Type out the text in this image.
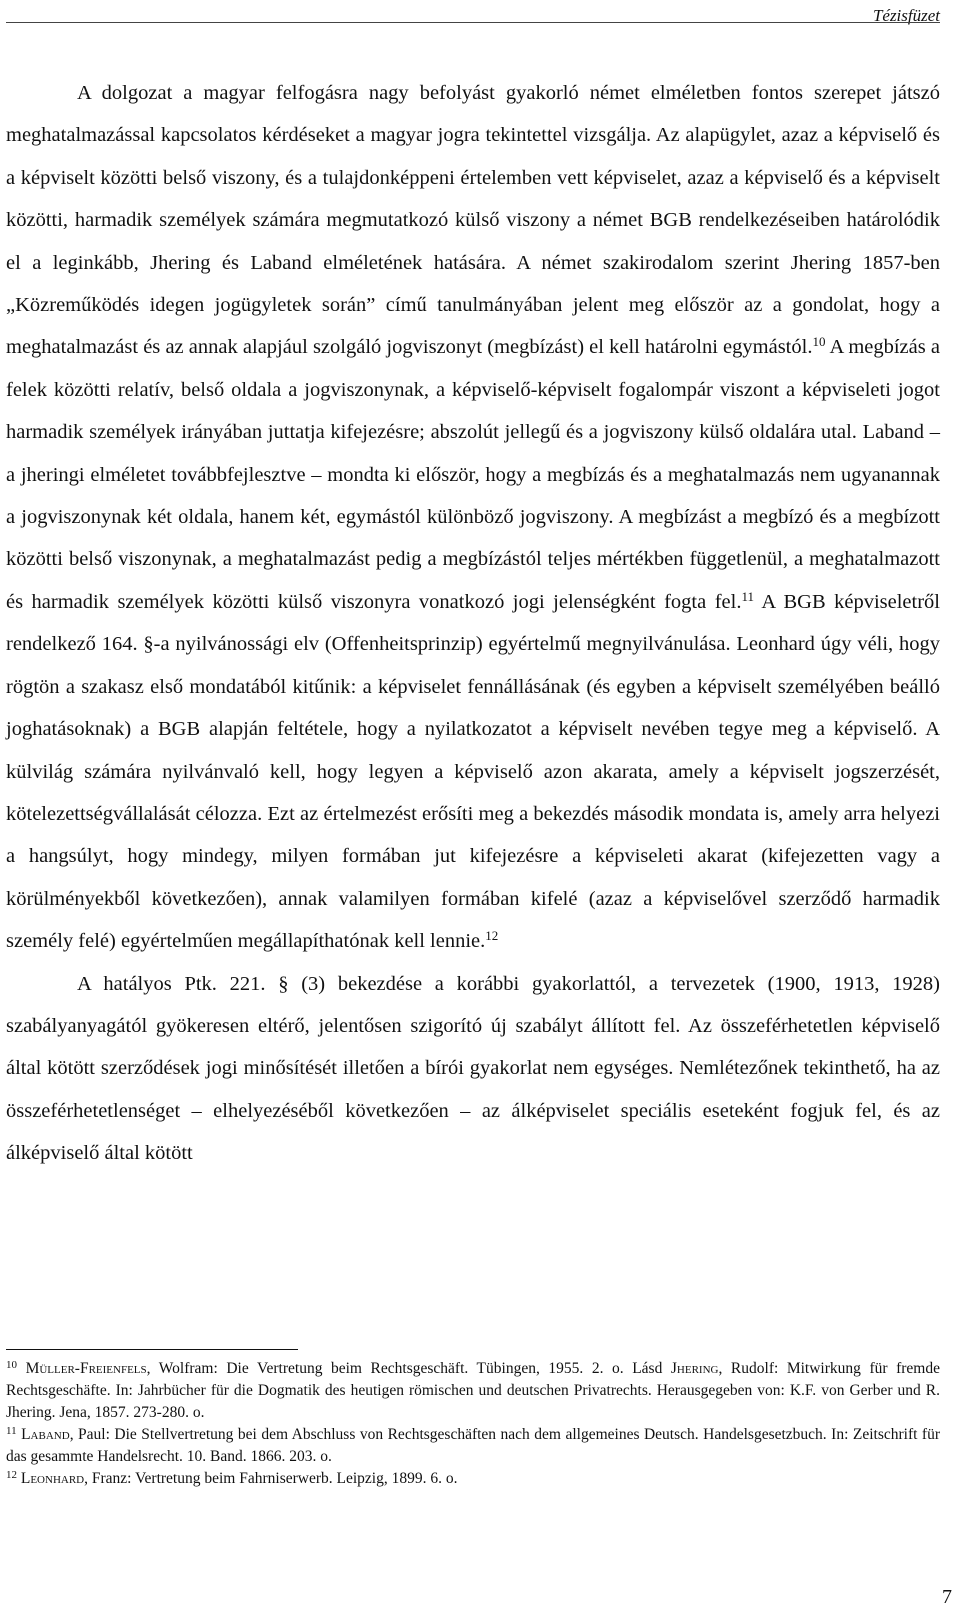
Tézisfüzet

A dolgozat a magyar felfogásra nagy befolyást gyakorló német elméletben fontos szerepet játszó meghatalmazással kapcsolatos kérdéseket a magyar jogra tekintettel vizsgálja. Az alapügylet, azaz a képviselő és a képviselt közötti belső viszony, és a tulajdonképpeni értelemben vett képviselet, azaz a képviselő és a képviselt közötti, harmadik személyek számára megmutatkozó külső viszony a német BGB rendelkezéseiben határolódik el a leginkább, Jhering és Laband elméletének hatására. A német szakirodalom szerint Jhering 1857-ben „Közreműködés idegen jogügyletek során” című tanulmányában jelent meg először az a gondolat, hogy a meghatalmazást és az annak alapjául szolgáló jogviszonyt (megbízást) el kell határolni egymástól.$^{10}$ A megbízás a felek közötti relatív, belső oldala a jogviszonynak, a képviselő-képviselt fogalompár viszont a képviseleti jogot harmadik személyek irányában juttatja kifejezésre; abszolút jellegű és a jogviszony külső oldalára utal. Laband – a jheringi elméletet továbbfejlesztve – mondta ki először, hogy a megbízás és a meghatalmazás nem ugyanannak a jogviszonynak két oldala, hanem két, egymástól különböző jogviszony. A megbízást a megbízó és a megbízott közötti belső viszonynak, a meghatalmazást pedig a megbízástól teljes mértékben függetlenül, a meghatalmazott és harmadik személyek közötti külső viszonyra vonatkozó jogi jelenségként fogta fel.$^{11}$ A BGB képviseletről rendelkező 164. §-a nyilvánossági elv (Offenheitsprinzip) egyértelmű megnyilvánulása. Leonhard úgy véli, hogy rögtön a szakasz első mondatából kitűnik: a képviselet fennállásának (és egyben a képviselt személyében beálló joghatásoknak) a BGB alapján feltétele, hogy a nyilatkozatot a képviselt nevében tegye meg a képviselő. A külvilág számára nyilvánvaló kell, hogy legyen a képviselő azon akarata, amely a képviselt jogszerzését, kötelezettségvállalását célozza. Ezt az értelmezést erősíti meg a bekezdés második mondata is, amely arra helyezi a hangsúlyt, hogy mindegy, milyen formában jut kifejezésre a képviseleti akarat (kifejezetten vagy a körülményekből következően), annak valamilyen formában kifelé (azaz a képviselővel szerződő harmadik személy felé) egyértelműen megállapíthatónak kell lennie.$^{12}$

A hatályos Ptk. 221. § (3) bekezdése a korábbi gyakorlattól, a tervezetek (1900, 1913, 1928) szabályanyagától gyökeresen eltérő, jelentősen szigorító új szabályt állított fel. Az összeférhetetlen képviselő által kötött szerződések jogi minősítését illetően a bírói gyakorlat nem egységes. Nemlétezőnek tekinthető, ha az összeférhetetlenséget – elhelyezéséből következően – az álképviselet speciális eseteként fogjuk fel, és az álképviselő által kötött

$^{10}$ Müller-Freienfels, Wolfram: Die Vertretung beim Rechtsgeschäft. Tübingen, 1955. 2. o. Lásd Jhering, Rudolf: Mitwirkung für fremde Rechtsgeschäfte. In: Jahrbücher für die Dogmatik des heutigen römischen und deutschen Privatrechts. Herausgegeben von: K.F. von Gerber und R. Jhering. Jena, 1857. 273-280. o.

$^{11}$ Laband, Paul: Die Stellvertretung bei dem Abschluss von Rechtsgeschäften nach dem allgemeines Deutsch. Handelsgesetzbuch. In: Zeitschrift für das gesammte Handelsrecht. 10. Band. 1866. 203. o.

$^{12}$ Leonhard, Franz: Vertretung beim Fahrniserwerb. Leipzig, 1899. 6. o.

7
